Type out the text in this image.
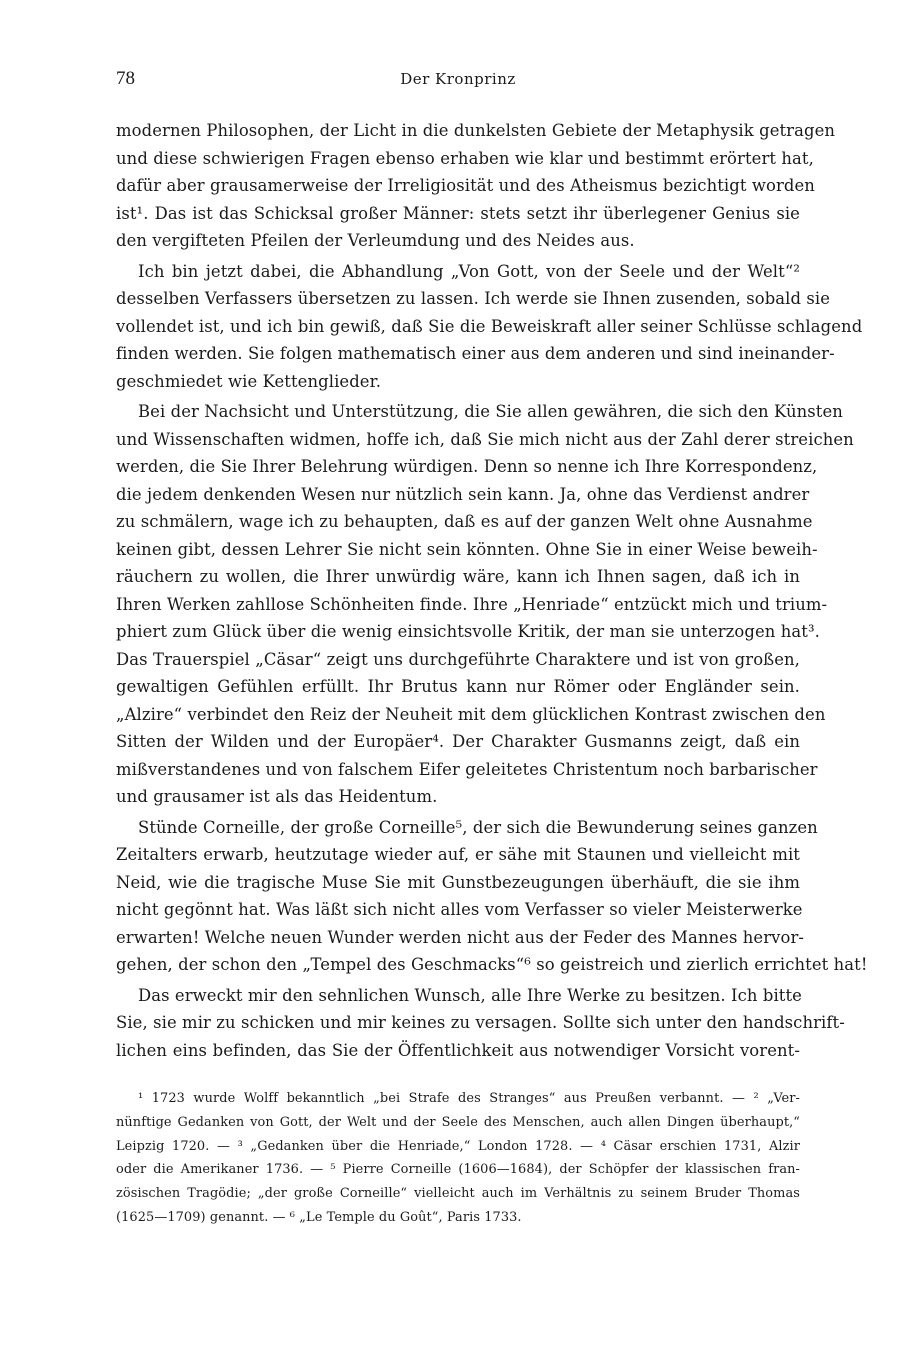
78	Der Kronprinz
modernen Philosophen, der Licht in die dunkelsten Gebiete der Metaphysik getragen
und diese schwierigen Fragen ebenso erhaben wie klar und bestimmt erörtert hat,
dafür aber grausamerweise der Irreligiosität und des Atheismus bezichtigt worden
ist¹. Das ist das Schicksal großer Männer: stets setzt ihr überlegener Genius sie
den vergifteten Pfeilen der Verleumdung und des Neides aus.
Ich bin jetzt dabei, die Abhandlung „Von Gott, von der Seele und der Welt“²
desselben Verfassers übersetzen zu lassen. Ich werde sie Ihnen zusenden, sobald sie
vollendet ist, und ich bin gewiß, daß Sie die Beweiskraft aller seiner Schlüsse schlagend
finden werden. Sie folgen mathematisch einer aus dem anderen und sind ineinander-
geschmiedet wie Kettenglieder.
Bei der Nachsicht und Unterstützung, die Sie allen gewähren, die sich den Künsten
und Wissenschaften widmen, hoffe ich, daß Sie mich nicht aus der Zahl derer streichen
werden, die Sie Ihrer Belehrung würdigen. Denn so nenne ich Ihre Korrespondenz,
die jedem denkenden Wesen nur nützlich sein kann. Ja, ohne das Verdienst andrer
zu schmälern, wage ich zu behaupten, daß es auf der ganzen Welt ohne Ausnahme
keinen gibt, dessen Lehrer Sie nicht sein könnten. Ohne Sie in einer Weise beweih-
räuchern zu wollen, die Ihrer unwürdig wäre, kann ich Ihnen sagen, daß ich in
Ihren Werken zahllose Schönheiten finde. Ihre „Henriade“ entzückt mich und trium-
phiert zum Glück über die wenig einsichtsvolle Kritik, der man sie unterzogen hat³.
Das Trauerspiel „Cäsar“ zeigt uns durchgeführte Charaktere und ist von großen,
gewaltigen Gefühlen erfüllt. Ihr Brutus kann nur Römer oder Engländer sein.
„Alzire“ verbindet den Reiz der Neuheit mit dem glücklichen Kontrast zwischen den
Sitten der Wilden und der Europäer⁴. Der Charakter Gusmanns zeigt, daß ein
mißverstandenes und von falschem Eifer geleitetes Christentum noch barbarischer
und grausamer ist als das Heidentum.
Stünde Corneille, der große Corneille⁵, der sich die Bewunderung seines ganzen
Zeitalters erwarb, heutzutage wieder auf, er sähe mit Staunen und vielleicht mit
Neid, wie die tragische Muse Sie mit Gunstbezeugungen überhäuft, die sie ihm
nicht gegönnt hat. Was läßt sich nicht alles vom Verfasser so vieler Meisterwerke
erwarten! Welche neuen Wunder werden nicht aus der Feder des Mannes hervor-
gehen, der schon den „Tempel des Geschmacks“⁶ so geistreich und zierlich errichtet hat!
Das erweckt mir den sehnlichen Wunsch, alle Ihre Werke zu besitzen. Ich bitte
Sie, sie mir zu schicken und mir keines zu versagen. Sollte sich unter den handschrift-
lichen eins befinden, das Sie der Öffentlichkeit aus notwendiger Vorsicht vorent-
¹ 1723 wurde Wolff bekanntlich „bei Strafe des Stranges“ aus Preußen verbannt. — ² „Ver-
nünftige Gedanken von Gott, der Welt und der Seele des Menschen, auch allen Dingen überhaupt,“
Leipzig 1720. — ³ „Gedanken über die Henriade,“ London 1728. — ⁴ Cäsar erschien 1731, Alzir
oder die Amerikaner 1736. — ⁵ Pierre Corneille (1606—1684), der Schöpfer der klassischen fran-
zösischen Tragödie; „der große Corneille“ vielleicht auch im Verhältnis zu seinem Bruder Thomas
(1625—1709) genannt. — ⁶ „Le Temple du Goût“, Paris 1733.
